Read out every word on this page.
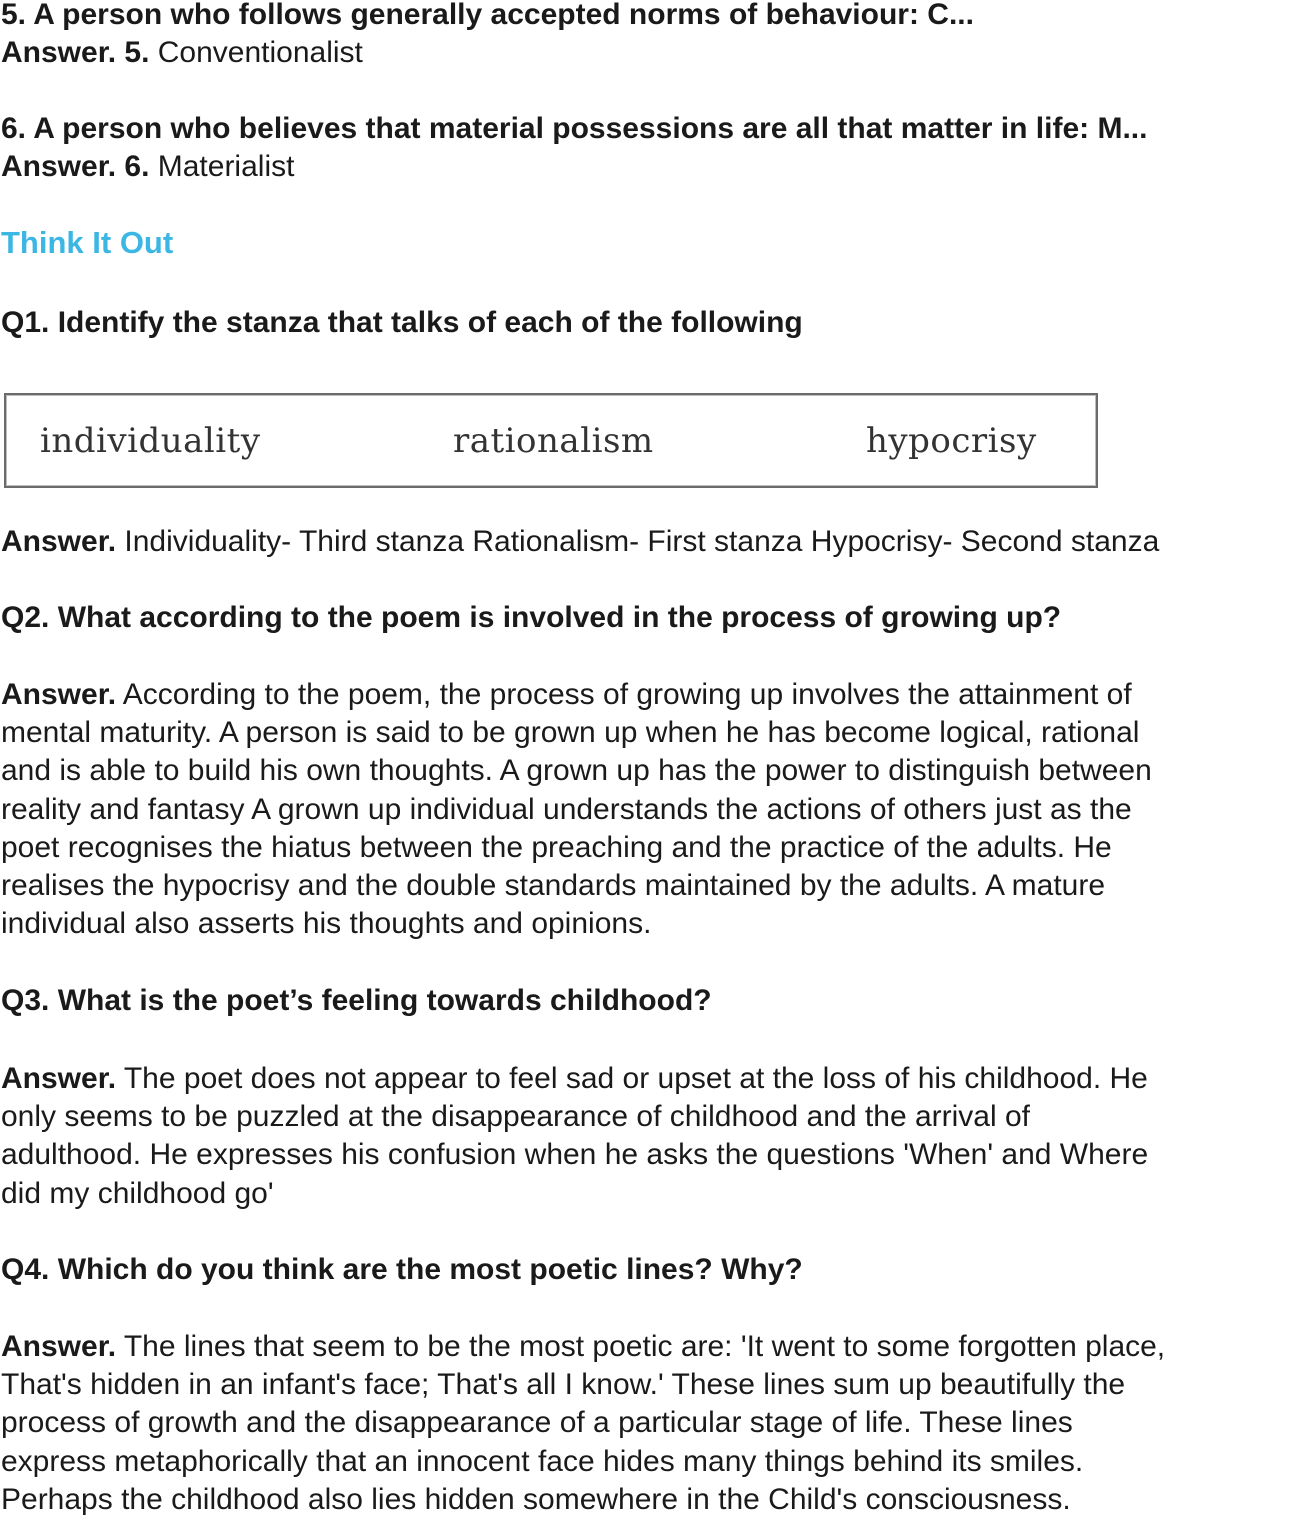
5. A person who follows generally accepted norms of behaviour: C...
Answer. 5. Conventionalist
6. A person who believes that material possessions are all that matter in life: M...
Answer. 6. Materialist
Think It Out
Q1. Identify the stanza that talks of each of the following
individuality	rationalism	hypocrisy
Answer. Individuality- Third stanza Rationalism- First stanza Hypocrisy- Second stanza
Q2. What according to the poem is involved in the process of growing up?
Answer. According to the poem, the process of growing up involves the attainment of
mental maturity. A person is said to be grown up when he has become logical, rational
and is able to build his own thoughts. A grown up has the power to distinguish between
reality and fantasy A grown up individual understands the actions of others just as the
poet recognises the hiatus between the preaching and the practice of the adults. He
realises the hypocrisy and the double standards maintained by the adults. A mature
individual also asserts his thoughts and opinions.
Q3. What is the poet’s feeling towards childhood?
Answer. The poet does not appear to feel sad or upset at the loss of his childhood. He
only seems to be puzzled at the disappearance of childhood and the arrival of
adulthood. He expresses his confusion when he asks the questions 'When' and Where
did my childhood go'
Q4. Which do you think are the most poetic lines? Why?
Answer. The lines that seem to be the most poetic are: 'It went to some forgotten place,
That's hidden in an infant's face; That's all I know.' These lines sum up beautifully the
process of growth and the disappearance of a particular stage of life. These lines
express metaphorically that an innocent face hides many things behind its smiles.
Perhaps the childhood also lies hidden somewhere in the Child's consciousness.
